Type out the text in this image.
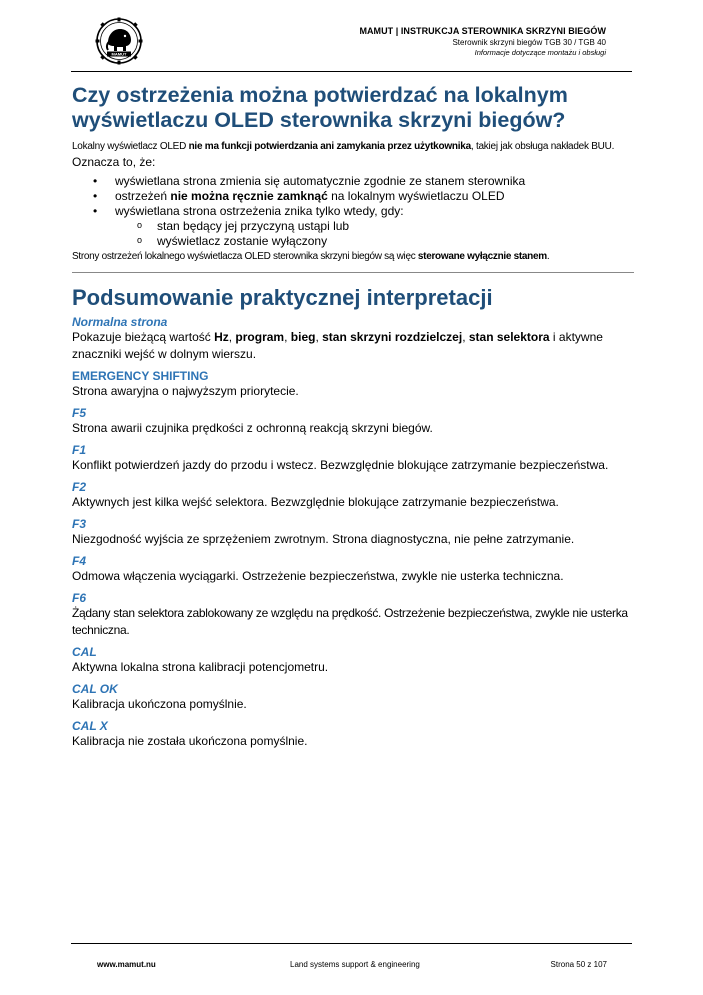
MAMUT
MAMUT | INSTRUKCJA STEROWNIKA SKRZYNI BIEGÓW
Sterownik skrzyni biegów TGB 30 / TGB 40
Informacje dotyczące montażu i obsługi
Czy ostrzeżenia można potwierdzać na lokalnym wyświetlaczu OLED sterownika skrzyni biegów?
Lokalny wyświetlacz OLED nie ma funkcji potwierdzania ani zamykania przez użytkownika, takiej jak obsługa nakładek BUU.
Oznacza to, że:
• wyświetlana strona zmienia się automatycznie zgodnie ze stanem sterownika
• ostrzeżeń nie można ręcznie zamknąć na lokalnym wyświetlaczu OLED
• wyświetlana strona ostrzeżenia znika tylko wtedy, gdy:
o stan będący jej przyczyną ustąpi lub
o wyświetlacz zostanie wyłączony
Strony ostrzeżeń lokalnego wyświetlacza OLED sterownika skrzyni biegów są więc sterowane wyłącznie stanem.
Podsumowanie praktycznej interpretacji
Normalna strona
Pokazuje bieżącą wartość Hz, program, bieg, stan skrzyni rozdzielczej, stan selektora i aktywne znaczniki wejść w dolnym wierszu.
EMERGENCY SHIFTING
Strona awaryjna o najwyższym priorytecie.
F5
Strona awarii czujnika prędkości z ochronną reakcją skrzyni biegów.
F1
Konflikt potwierdzeń jazdy do przodu i wstecz. Bezwzględnie blokujące zatrzymanie bezpieczeństwa.
F2
Aktywnych jest kilka wejść selektora. Bezwzględnie blokujące zatrzymanie bezpieczeństwa.
F3
Niezgodność wyjścia ze sprzężeniem zwrotnym. Strona diagnostyczna, nie pełne zatrzymanie.
F4
Odmowa włączenia wyciągarki. Ostrzeżenie bezpieczeństwa, zwykle nie usterka techniczna.
F6
Żądany stan selektora zablokowany ze względu na prędkość. Ostrzeżenie bezpieczeństwa, zwykle nie usterka techniczna.
CAL
Aktywna lokalna strona kalibracji potencjometru.
CAL OK
Kalibracja ukończona pomyślnie.
CAL X
Kalibracja nie została ukończona pomyślnie.
www.mamut.nu	Land systems support & engineering	Strona 50 z 107
